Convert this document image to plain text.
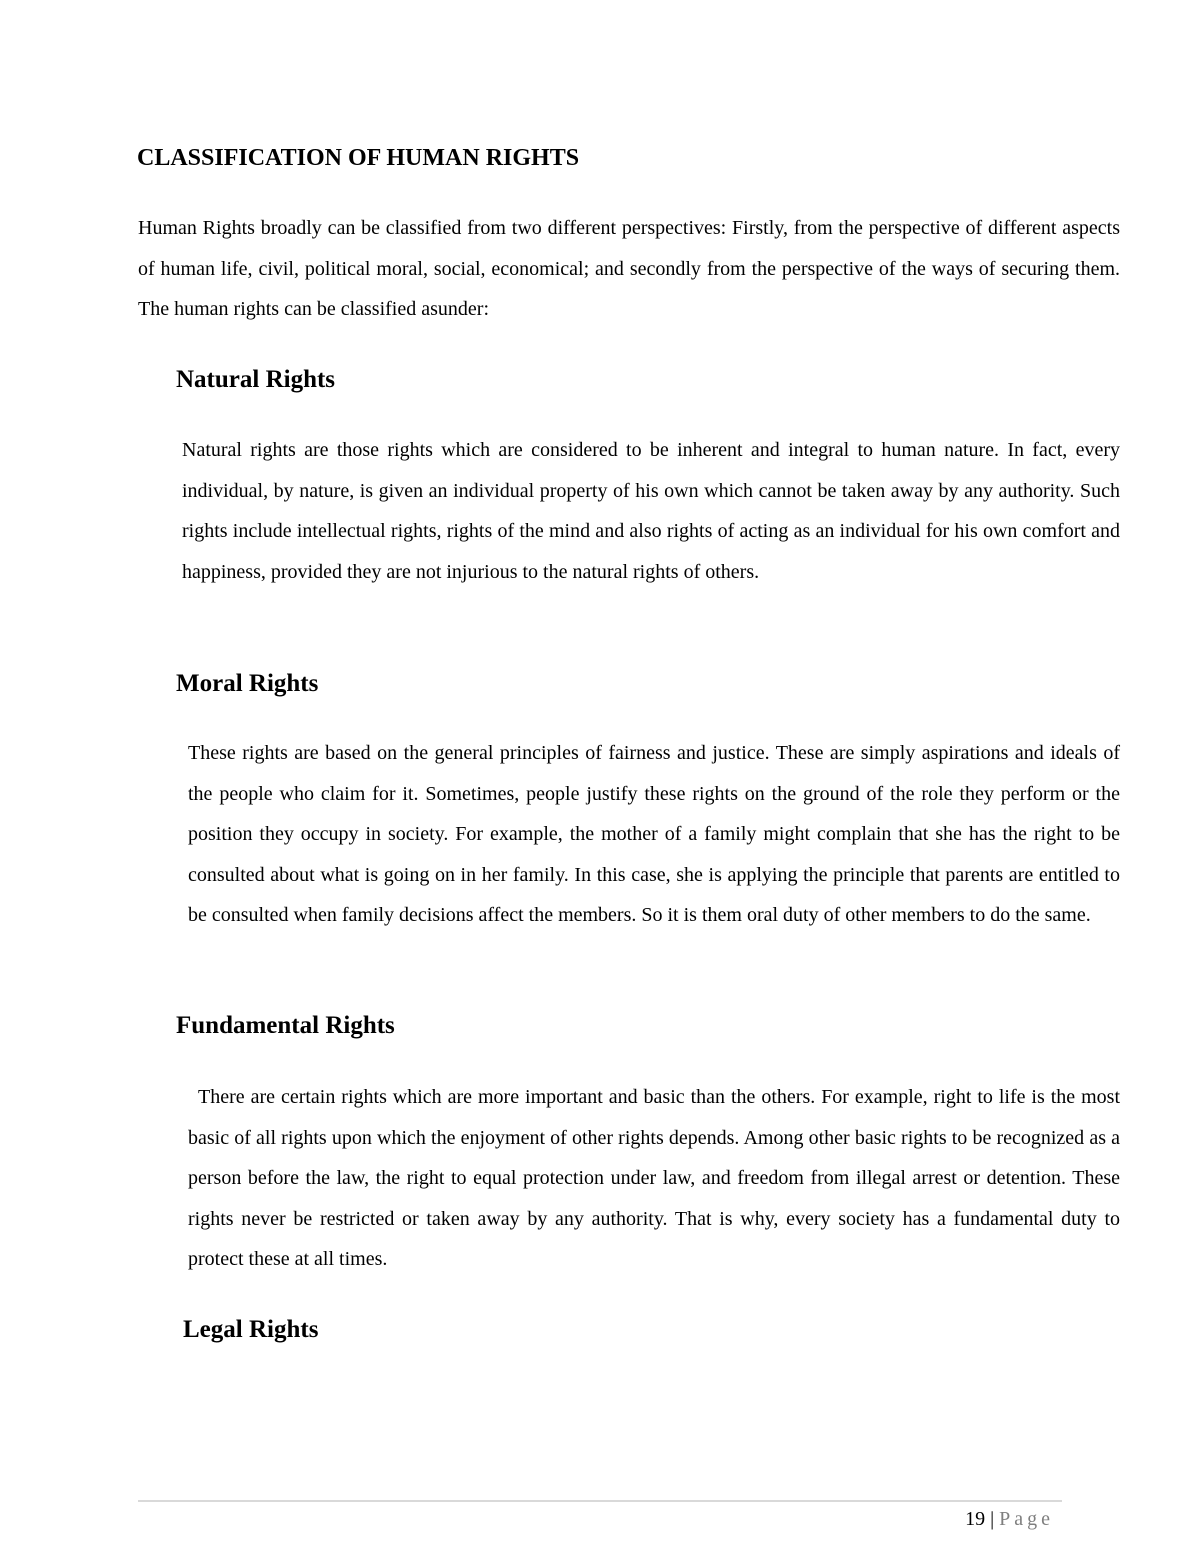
CLASSIFICATION OF HUMAN RIGHTS

Human Rights broadly can be classified from two different perspectives: Firstly, from the perspective of different aspects of human life, civil, political moral, social, economical; and secondly from the perspective of the ways of securing them. The human rights can be classified asunder:

Natural Rights

Natural rights are those rights which are considered to be inherent and integral to human nature. In fact, every individual, by nature, is given an individual property of his own which cannot be taken away by any authority. Such rights include intellectual rights, rights of the mind and also rights of acting as an individual for his own comfort and happiness, provided they are not injurious to the natural rights of others.

Moral Rights

These rights are based on the general principles of fairness and justice. These are simply aspirations and ideals of the people who claim for it. Sometimes, people justify these rights on the ground of the role they perform or the position they occupy in society. For example, the mother of a family might complain that she has the right to be consulted about what is going on in her family. In this case, she is applying the principle that parents are entitled to be consulted when family decisions affect the members. So it is them oral duty of other members to do the same.

Fundamental Rights

There are certain rights which are more important and basic than the others. For example, right to life is the most basic of all rights upon which the enjoyment of other rights depends. Among other basic rights to be recognized as a person before the law, the right to equal protection under law, and freedom from illegal arrest or detention. These rights never be restricted or taken away by any authority. That is why, every society has a fundamental duty to protect these at all times.

Legal Rights
19 | Page
